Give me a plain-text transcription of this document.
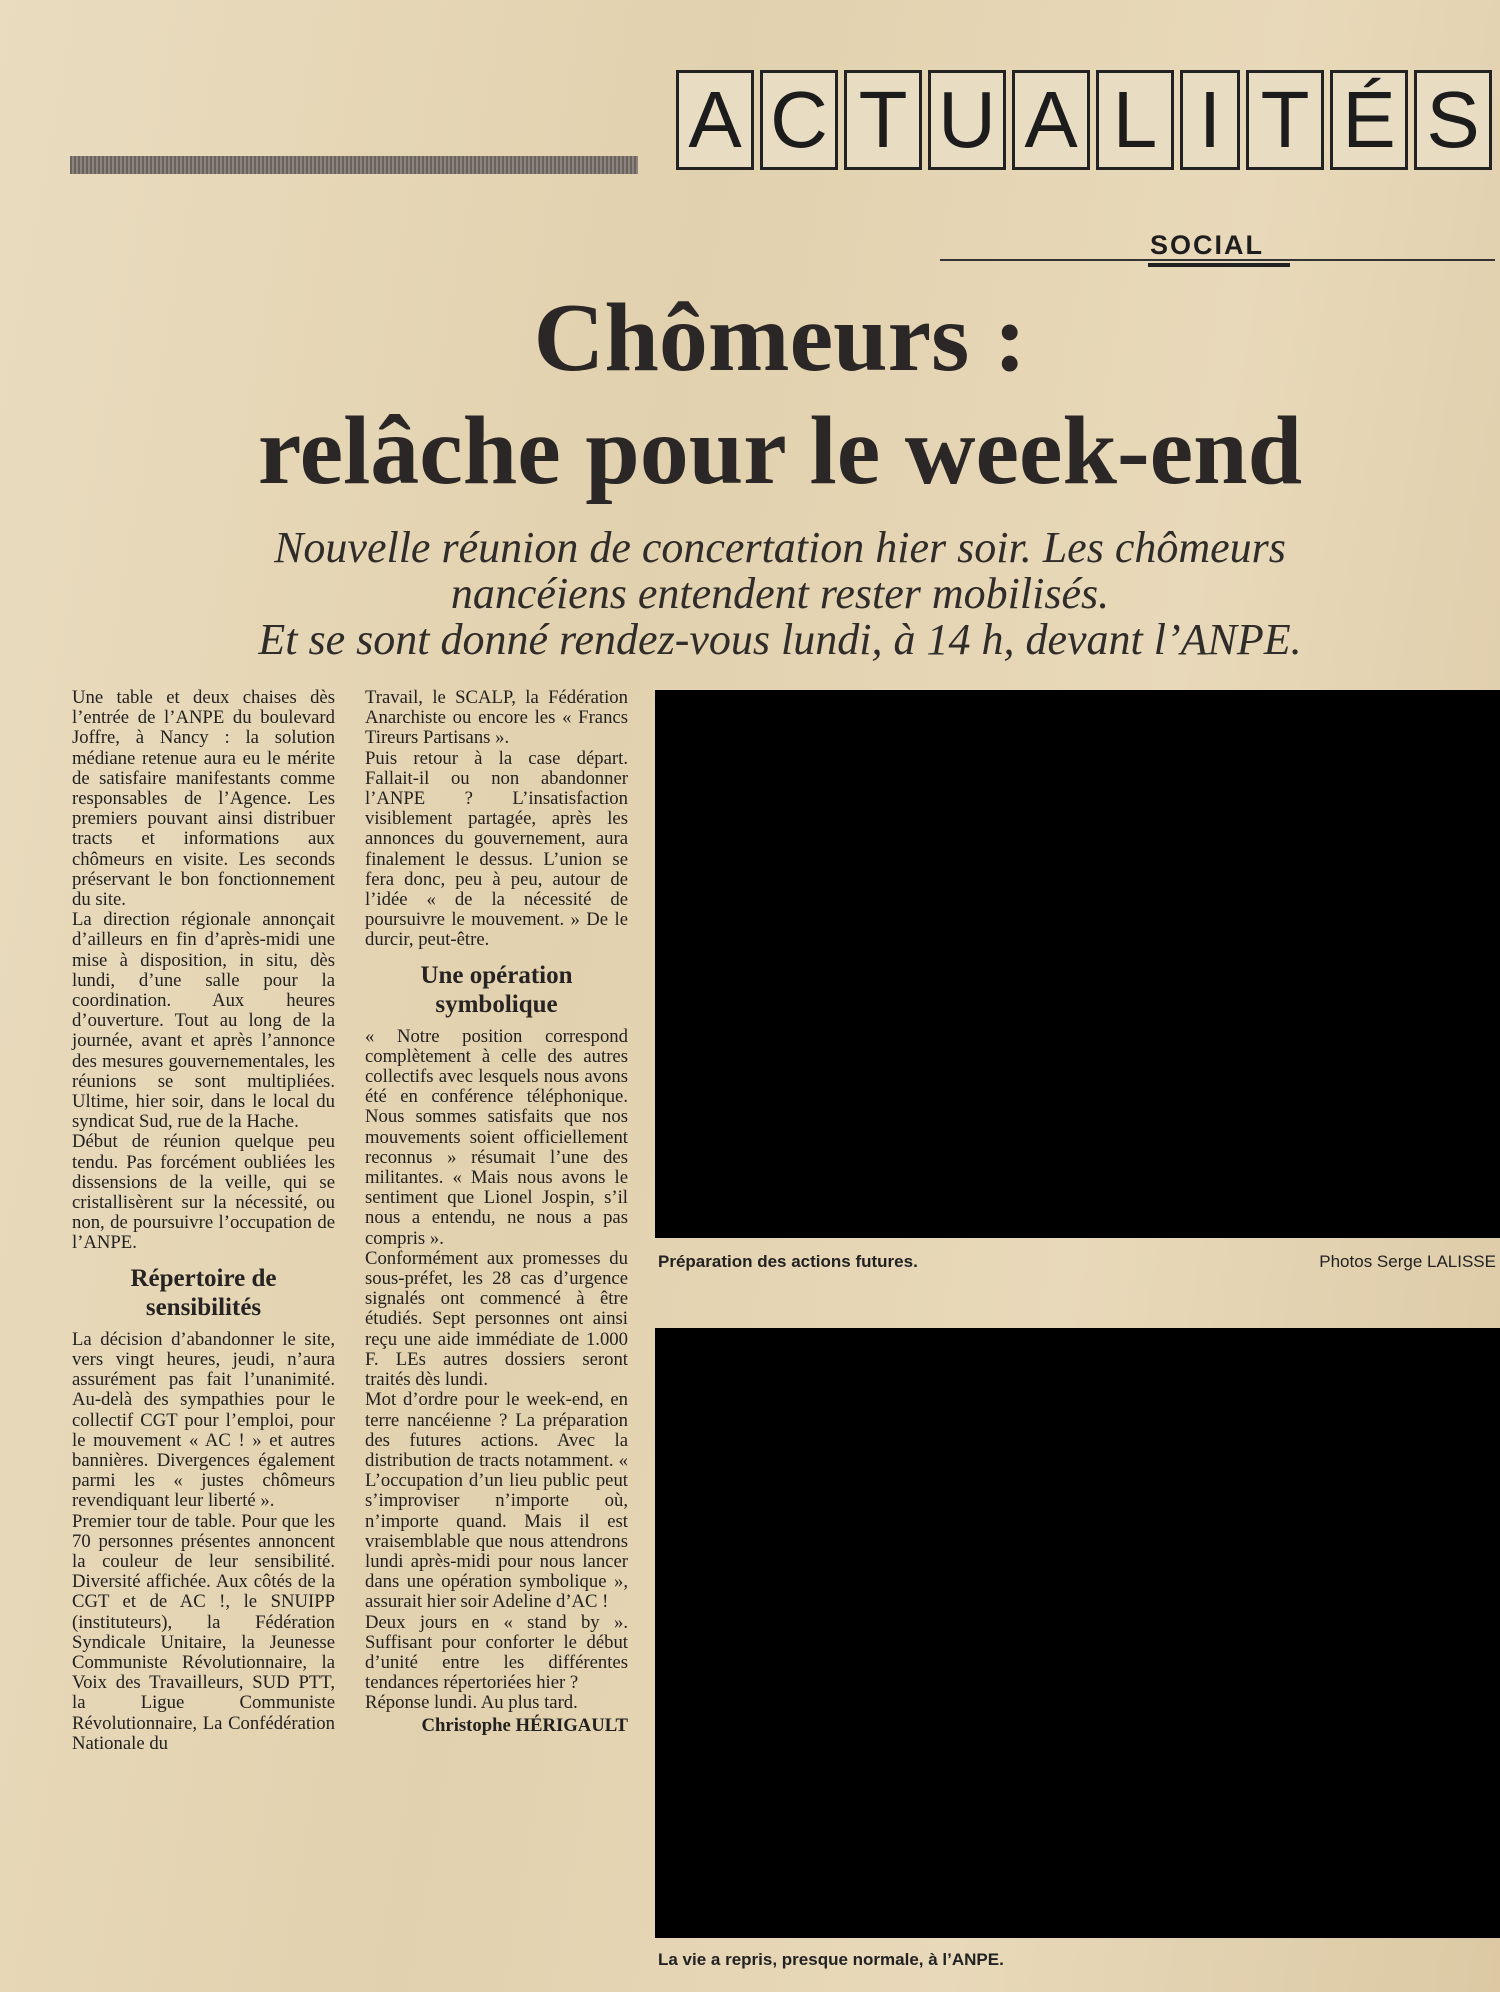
A C T U A L I T É S
SOCIAL
Chômeurs :
relâche pour le week-end
Nouvelle réunion de concertation hier soir. Les chômeurs
nancéiens entendent rester mobilisés.
Et se sont donné rendez-vous lundi, à 14 h, devant l’ANPE.

Une table et deux chaises dès l’entrée de l’ANPE du boulevard Joffre, à Nancy : la solution médiane retenue aura eu le mérite de satisfaire manifestants comme responsables de l’Agence. Les premiers pouvant ainsi distribuer tracts et informations aux chômeurs en visite. Les seconds préservant le bon fonctionnement du site.

La direction régionale annonçait d’ailleurs en fin d’après-midi une mise à disposition, in situ, dès lundi, d’une salle pour la coordination. Aux heures d’ouverture. Tout au long de la journée, avant et après l’annonce des mesures gouvernementales, les réunions se sont multipliées. Ultime, hier soir, dans le local du syndicat Sud, rue de la Hache.

Début de réunion quelque peu tendu. Pas forcément oubliées les dissensions de la veille, qui se cristallisèrent sur la nécessité, ou non, de poursuivre l’occupation de l’ANPE.

Répertoire de sensibilités

La décision d’abandonner le site, vers vingt heures, jeudi, n’aura assurément pas fait l’unanimité. Au-delà des sympathies pour le collectif CGT pour l’emploi, pour le mouvement « AC ! » et autres bannières. Divergences également parmi les « justes chômeurs revendiquant leur liberté ».

Premier tour de table. Pour que les 70 personnes présentes annoncent la couleur de leur sensibilité. Diversité affichée. Aux côtés de la CGT et de AC !, le SNUIPP (instituteurs), la Fédération Syndicale Unitaire, la Jeunesse Communiste Révolutionnaire, la Voix des Travailleurs, SUD PTT, la Ligue Communiste Révolutionnaire, La Confédération Nationale du

Travail, le SCALP, la Fédération Anarchiste ou encore les « Francs Tireurs Partisans ».

Puis retour à la case départ. Fallait-il ou non abandonner l’ANPE ? L’insatisfaction visiblement partagée, après les annonces du gouvernement, aura finalement le dessus. L’union se fera donc, peu à peu, autour de l’idée « de la nécessité de poursuivre le mouvement. » De le durcir, peut-être.

Une opération symbolique

« Notre position correspond complètement à celle des autres collectifs avec lesquels nous avons été en conférence téléphonique. Nous sommes satisfaits que nos mouvements soient officiellement reconnus » résumait l’une des militantes. « Mais nous avons le sentiment que Lionel Jospin, s’il nous a entendu, ne nous a pas compris ».

Conformément aux promesses du sous-préfet, les 28 cas d’urgence signalés ont commencé à être étudiés. Sept personnes ont ainsi reçu une aide immédiate de 1.000 F. LEs autres dossiers seront traités dès lundi.

Mot d’ordre pour le week-end, en terre nancéienne ? La préparation des futures actions. Avec la distribution de tracts notamment. « L’occupation d’un lieu public peut s’improviser n’importe où, n’importe quand. Mais il est vraisemblable que nous attendrons lundi après-midi pour nous lancer dans une opération symbolique », assurait hier soir Adeline d’AC !

Deux jours en « stand by ». Suffisant pour conforter le début d’unité entre les différentes tendances répertoriées hier ?

Réponse lundi. Au plus tard.

Christophe HÉRIGAULT

Préparation des actions futures.	Photos Serge LALISSE
La vie a repris, presque normale, à l’ANPE.
